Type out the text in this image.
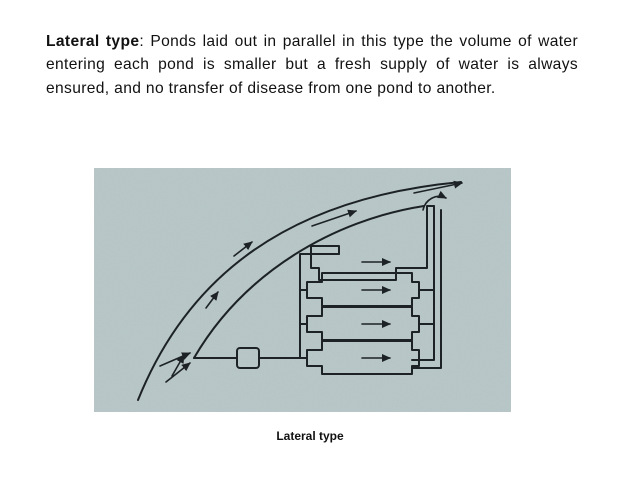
Lateral type: Ponds laid out in parallel in this type the volume of water entering each pond is smaller but a fresh supply of water is always ensured, and no transfer of disease from one pond to another.

Lateral type
